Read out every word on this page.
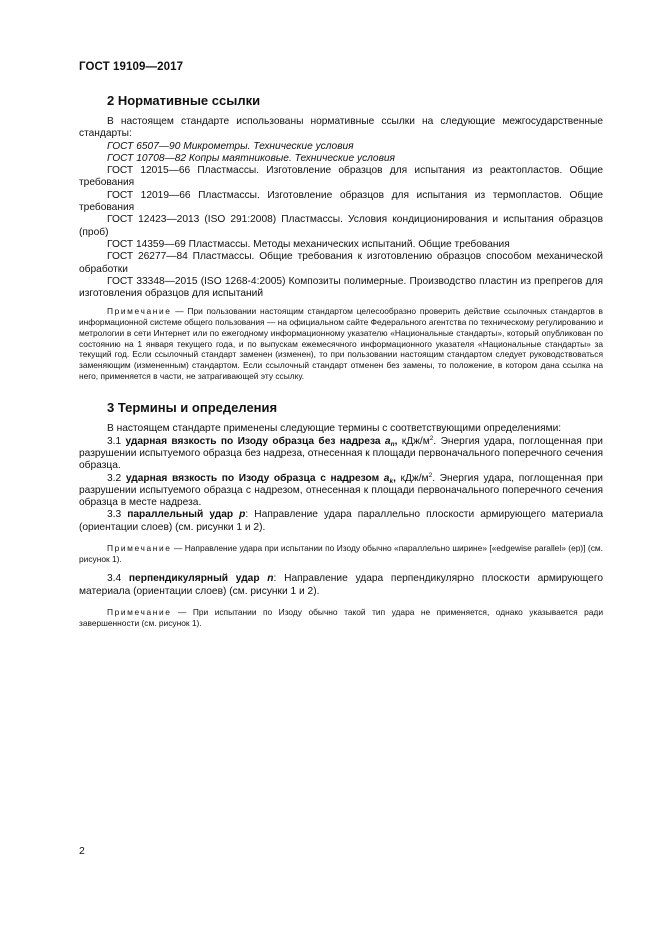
ГОСТ 19109—2017
2 Нормативные ссылки

В настоящем стандарте использованы нормативные ссылки на следующие межгосударственные стандарты:

ГОСТ 6507—90 Микрометры. Технические условия

ГОСТ 10708—82 Копры маятниковые. Технические условия

ГОСТ 12015—66 Пластмассы. Изготовление образцов для испытания из реактопластов. Общие требования

ГОСТ 12019—66 Пластмассы. Изготовление образцов для испытания из термопластов. Общие требования

ГОСТ 12423—2013 (ISO 291:2008) Пластмассы. Условия кондиционирования и испытания образцов (проб)

ГОСТ 14359—69 Пластмассы. Методы механических испытаний. Общие требования

ГОСТ 26277—84 Пластмассы. Общие требования к изготовлению образцов способом механической обработки

ГОСТ 33348—2015 (ISO 1268-4:2005) Композиты полимерные. Производство пластин из препрегов для изготовления образцов для испытаний

Примечание — При пользовании настоящим стандартом целесообразно проверить действие ссылочных стандартов в информационной системе общего пользования — на официальном сайте Федерального агентства по техническому регулированию и метрологии в сети Интернет или по ежегодному информационному указателю «Национальные стандарты», который опубликован по состоянию на 1 января текущего года, и по выпускам ежемесячного информационного указателя «Национальные стандарты» за текущий год. Если ссылочный стандарт заменен (изменен), то при пользовании настоящим стандартом следует руководствоваться заменяющим (измененным) стандартом. Если ссылочный стандарт отменен без замены, то положение, в котором дана ссылка на него, применяется в части, не затрагивающей эту ссылку.

3 Термины и определения

В настоящем стандарте применены следующие термины с соответствующими определениями:

3.1 ударная вязкость по Изоду образца без надреза $a_n$, кДж/$м^2$. Энергия удара, поглощенная при разрушении испытуемого образца без надреза, отнесенная к площади первоначального поперечного сечения образца.

3.2 ударная вязкость по Изоду образца с надрезом $a_k$, кДж/$м^2$. Энергия удара, поглощенная при разрушении испытуемого образца с надрезом, отнесенная к площади первоначального поперечного сечения образца в месте надреза.

3.3 параллельный удар p: Направление удара параллельно плоскости армирующего материала (ориентации слоев) (см. рисунки 1 и 2).

Примечание — Направление удара при испытании по Изоду обычно «параллельно ширине» [«edgewise parallel» (ep)] (см. рисунок 1).

3.4 перпендикулярный удар n: Направление удара перпендикулярно плоскости армирующего материала (ориентации слоев) (см. рисунки 1 и 2).

Примечание — При испытании по Изоду обычно такой тип удара не применяется, однако указывается ради завершенности (см. рисунок 1).

2
